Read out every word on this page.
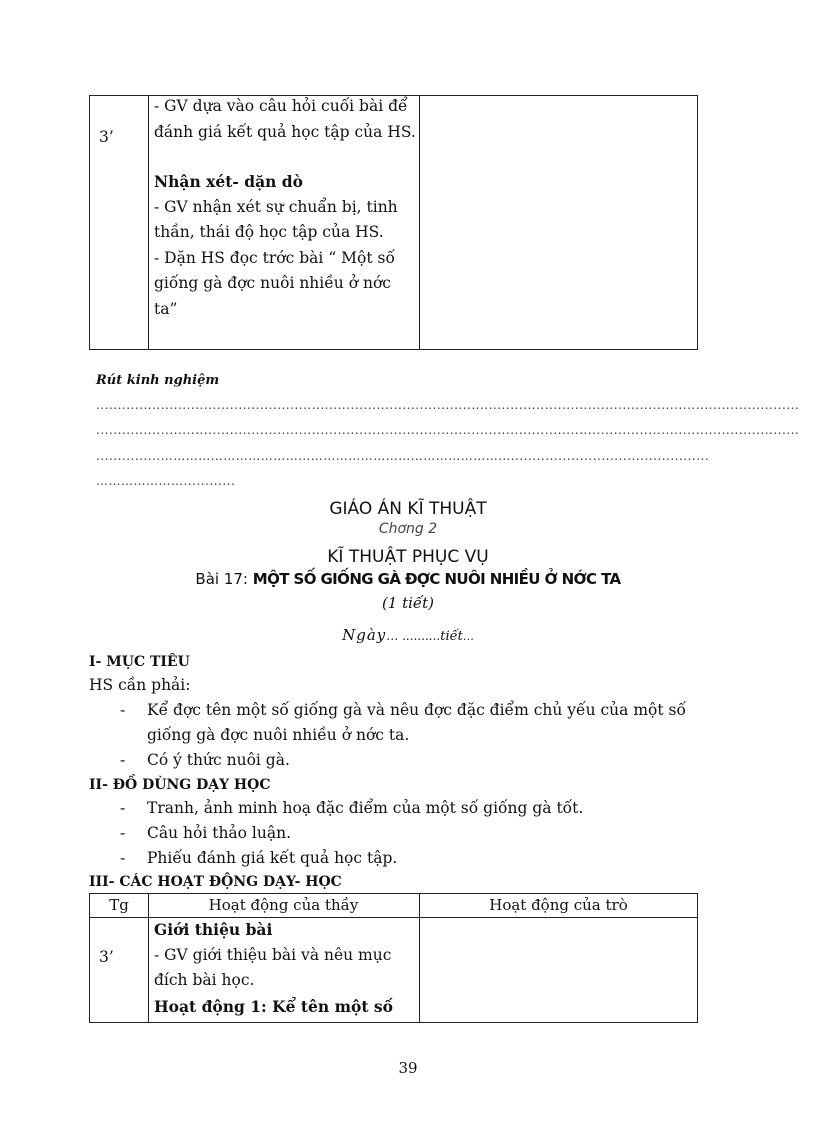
3’
- GV dựa vào câu hỏi cuối bài để
đánh giá kết quả học tập của HS.
Nhận xét- dặn dò
- GV nhận xét sự chuẩn bị, tinh
thần, thái độ học tập của HS.
- Dặn HS đọc trớc bài “ Một số
giống gà đợc nuôi nhiều ở nớc
ta”
Rút kinh nghiệm
...................................................................................................................................................................
...................................................................................................................................................................
...............…………………………………………………………………………..............................................
…………………............
GIÁO ÁN KĨ THUẬT
Chơng 2
KĨ THUẬT PHỤC VỤ
Bài 17: MỘT SỐ GIỐNG GÀ ĐỢC NUÔI NHIỀU Ở NỚC TA
(1 tiết)
Ngày… ..........tiết…
I- MỤC TIÊU
HS cần phải:
- Kể đợc tên một số giống gà và nêu đợc đặc điểm chủ yếu của một số
giống gà đợc nuôi nhiều ở nớc ta.
- Có ý thức nuôi gà.
II- ĐỒ DÙNG DẠY HỌC
- Tranh, ảnh minh hoạ đặc điểm của một số giống gà tốt.
- Câu hỏi thảo luận.
- Phiếu đánh giá kết quả học tập.
III- CÁC HOẠT ĐỘNG DẠY- HỌC
Tg	Hoạt động của thầy	Hoạt động của trò
3’
Giới thiệu bài
- GV giới thiệu bài và nêu mục
đích bài học.
Hoạt động 1: Kể tên một số
39
